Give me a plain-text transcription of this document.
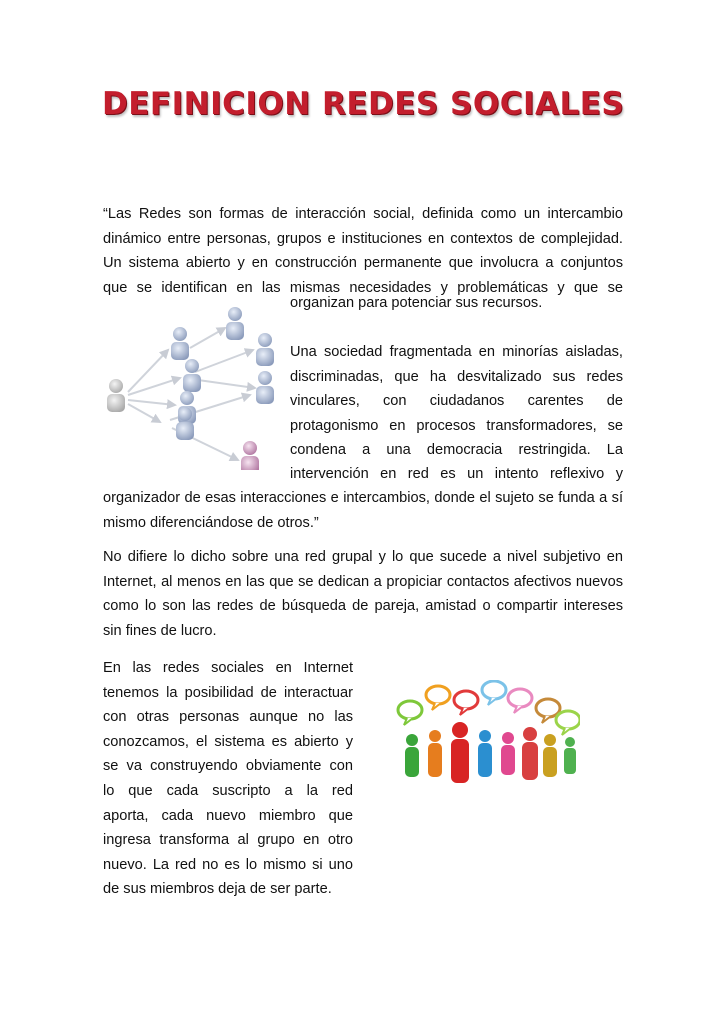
DEFINICION REDES SOCIALES
“Las Redes son formas de interacción social, definida como un intercambio
dinámico entre personas, grupos e instituciones en contextos de complejidad.
Un sistema abierto y en construcción permanente que involucra a conjuntos
que se identifican en las mismas necesidades y problemáticas y que se
organizan para potenciar sus recursos.
Una sociedad fragmentada en minorías aisladas,
discriminadas, que ha desvitalizado sus redes
vinculares, con ciudadanos carentes de
protagonismo en procesos transformadores, se
condena a una democracia restringida. La
intervención en red es un intento reflexivo y
organizador de esas interacciones e intercambios, donde el sujeto se funda a sí
mismo diferenciándose de otros.”
No difiere lo dicho sobre una red grupal y lo que sucede a nivel subjetivo en
Internet, al menos en las que se dedican a propiciar contactos afectivos nuevos
como lo son las redes de búsqueda de pareja, amistad o compartir intereses
sin fines de lucro.
En las redes sociales en Internet
tenemos la posibilidad de interactuar
con otras personas aunque no las
conozcamos, el sistema es abierto y
se va construyendo obviamente con
lo que cada suscripto a la red
aporta, cada nuevo miembro que
ingresa transforma al grupo en otro
nuevo. La red no es lo mismo si uno
de sus miembros deja de ser parte.
